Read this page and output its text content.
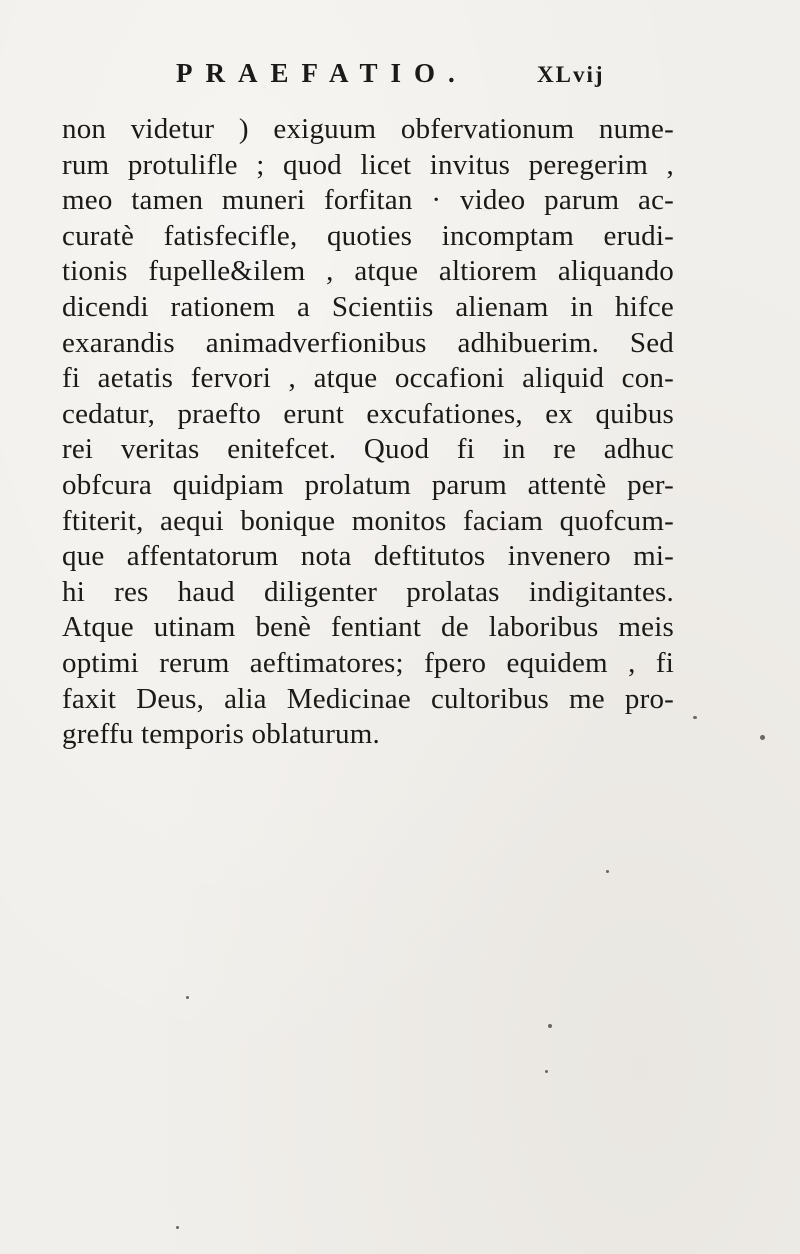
PRAEFATIO.	XLvij
non videtur ) exiguum obfervationum nume-
rum protulifle ; quod licet invitus peregerim ,
meo tamen muneri forfitan · video parum ac-
curatè fatisfecifle, quoties incomptam erudi-
tionis fupelle&ilem , atque altiorem aliquando
dicendi rationem a Scientiis alienam in hifce
exarandis animadverfionibus adhibuerim. Sed
fi aetatis fervori , atque occafioni aliquid con-
cedatur, praefto erunt excufationes, ex quibus
rei veritas enitefcet. Quod fi in re adhuc
obfcura quidpiam prolatum parum attentè per-
ftiterit, aequi bonique monitos faciam quofcum-
que affentatorum nota deftitutos invenero mi-
hi res haud diligenter prolatas indigitantes.
Atque utinam benè fentiant de laboribus meis
optimi rerum aeftimatores; fpero equidem , fi
faxit Deus, alia Medicinae cultoribus me pro-
greffu temporis oblaturum.
